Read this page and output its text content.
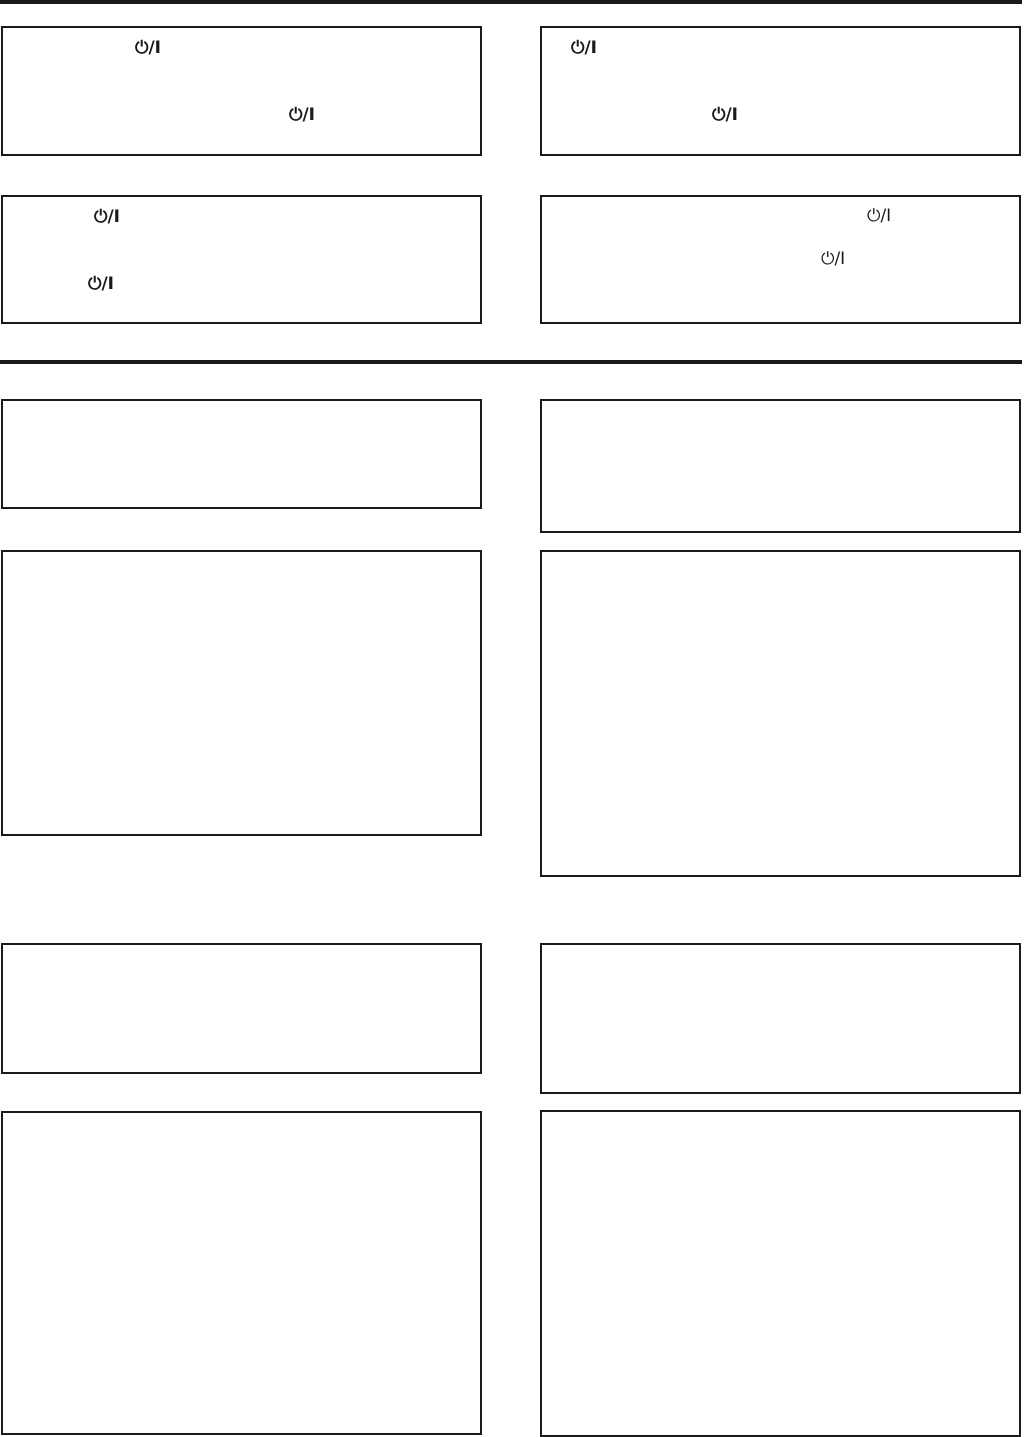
⏻/I
⏻/I
⏻/I
⏻/I
⏻/I
⏻/I
⏻/I
⏻/I
